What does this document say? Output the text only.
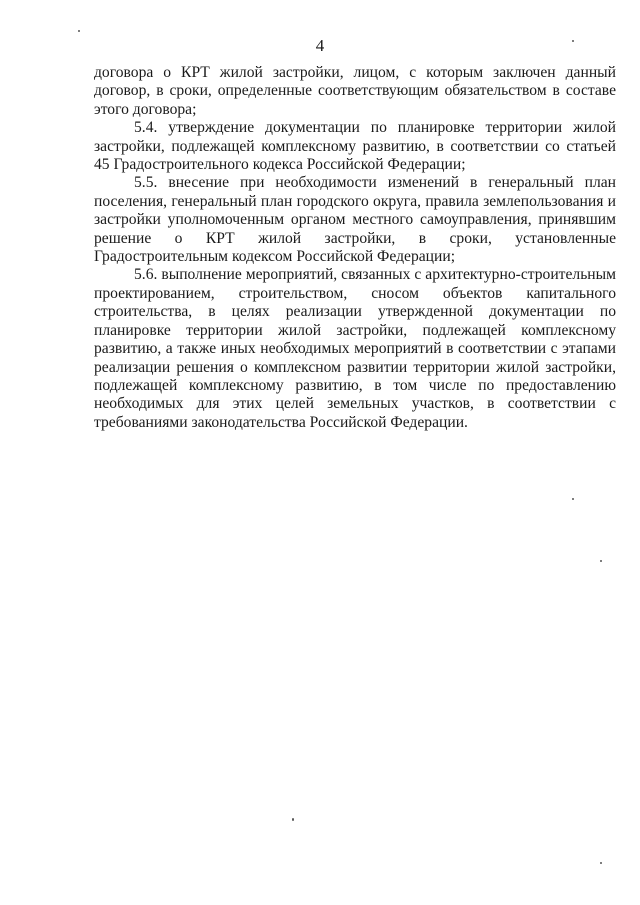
4

договора о КРТ жилой застройки, лицом, с которым заключен данный договор, в сроки, определенные соответствующим обязательством в составе этого договора;

5.4. утверждение документации по планировке территории жилой застройки, подлежащей комплексному развитию, в соответствии со статьей 45 Градостроительного кодекса Российской Федерации;

5.5. внесение при необходимости изменений в генеральный план поселения, генеральный план городского округа, правила землепользования и застройки уполномоченным органом местного самоуправления, принявшим решение о КРТ жилой застройки, в сроки, установленные Градостроительным кодексом Российской Федерации;

5.6. выполнение мероприятий, связанных с архитектурно-строительным проектированием, строительством, сносом объектов капитального строительства, в целях реализации утвержденной документации по планировке территории жилой застройки, подлежащей комплексному развитию, а также иных необходимых мероприятий в соответствии с этапами реализации решения о комплексном развитии территории жилой застройки, подлежащей комплексному развитию, в том числе по предоставлению необходимых для этих целей земельных участков, в соответствии с требованиями законодательства Российской Федерации.
